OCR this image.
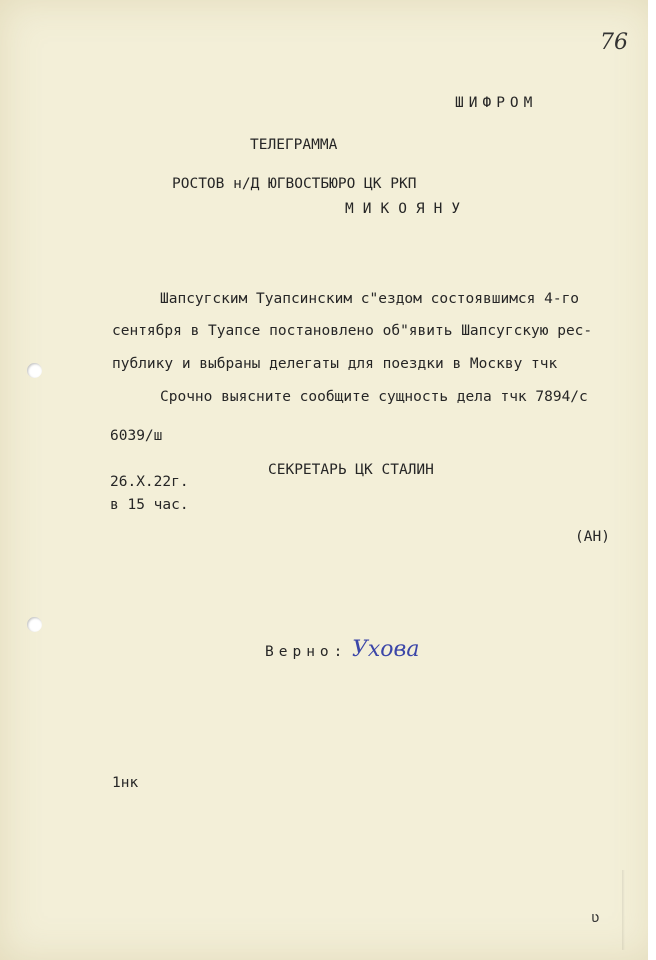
76
ШИФРОМ
ТЕЛЕГРАММА
РОСТОВ н/Д ЮГВОСТБЮРО ЦК РКП
МИКОЯНУ
Шапсугским Туапсинским с"ездом состоявшимся 4-го
сентября в Туапсе постановлено об"явить Шапсугскую рес-
публику и выбраны делегаты для поездки в Москву тчк
Срочно выясните сообщите сущность дела тчк 7894/с
6039/ш
26.X.22г.
СЕКРЕТАРЬ ЦК СТАЛИН
в 15 час.
(АН)
Верно: Ухова
1нк
ʋ
